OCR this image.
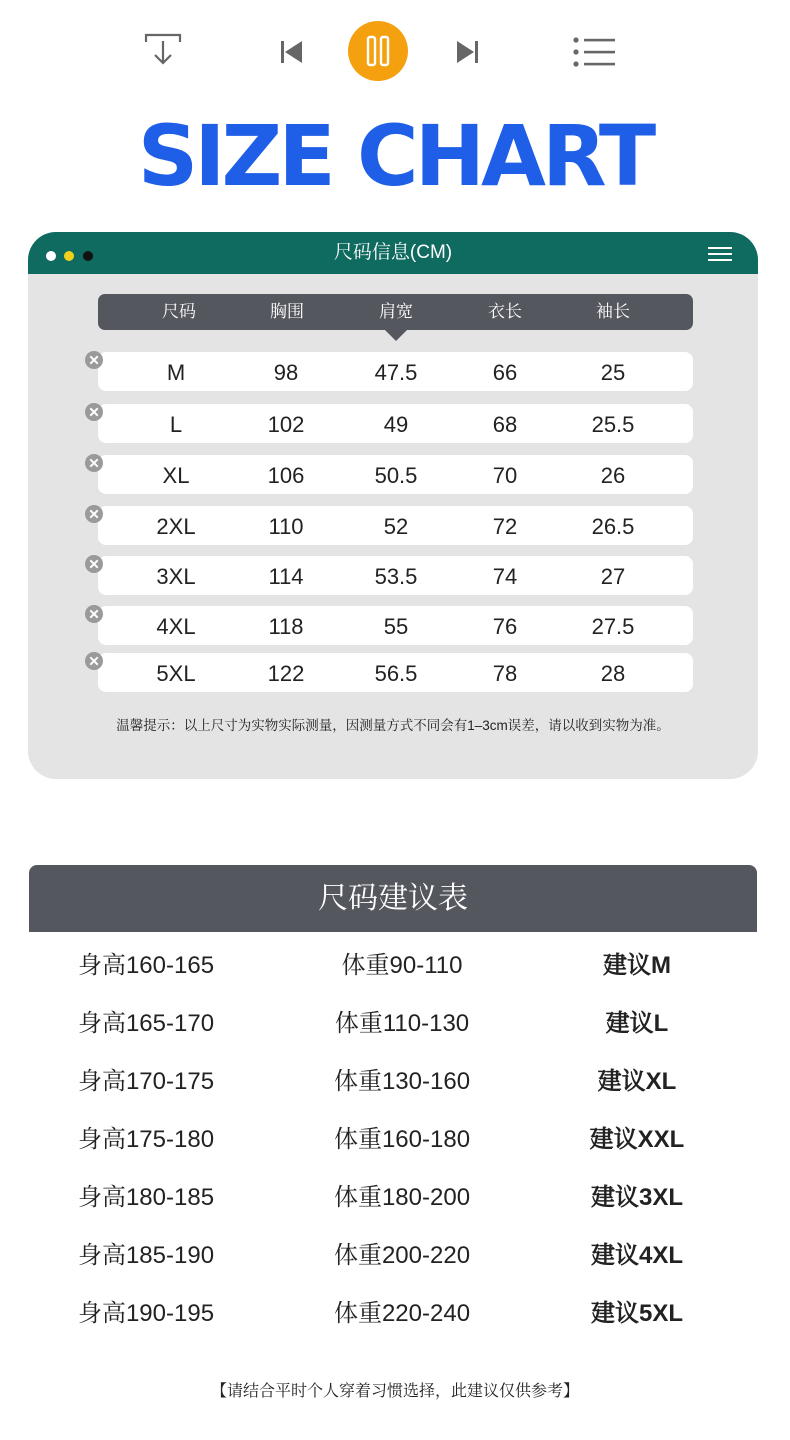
SIZE CHART
尺码信息(CM)
尺码	胸围	肩宽	衣长	袖长
M	98	47.5	66	25
L	102	49	68	25.5
XL	106	50.5	70	26
2XL	110	52	72	26.5
3XL	114	53.5	74	27
4XL	118	55	76	27.5
5XL	122	56.5	78	28
温馨提示：以上尺寸为实物实际测量，因测量方式不同会有1–3cm误差，请以收到实物为准。
尺码建议表
身高160-165	体重90-110	建议M
身高165-170	体重110-130	建议L
身高170-175	体重130-160	建议XL
身高175-180	体重160-180	建议XXL
身高180-185	体重180-200	建议3XL
身高185-190	体重200-220	建议4XL
身高190-195	体重220-240	建议5XL
【请结合平时个人穿着习惯选择，此建议仅供参考】
